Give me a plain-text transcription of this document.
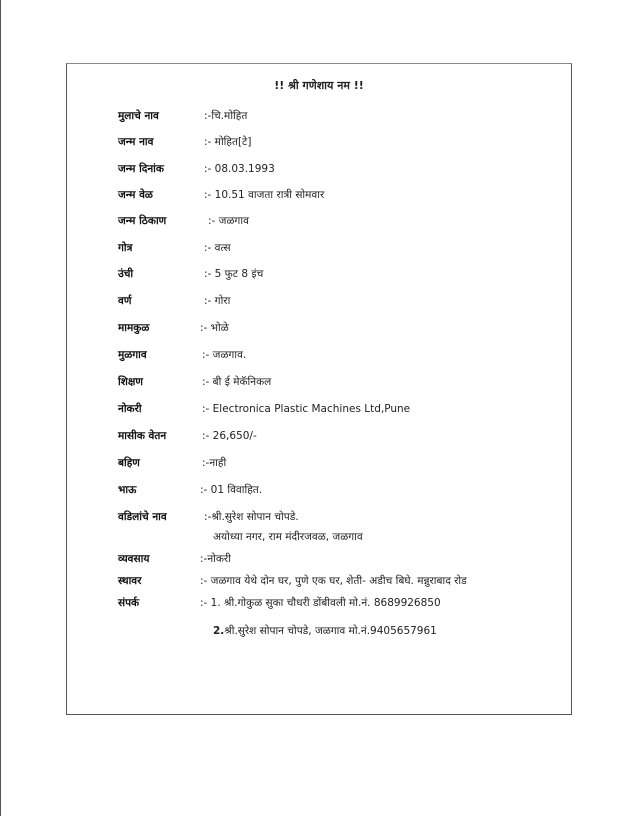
!! श्री गणेशाय नम !!
मुलाचे नाव	:-चि.मोहित
जन्म नाव	:- मोहित[टे]
जन्म दिनांक	:- 08.03.1993
जन्म वेळ	:- 10.51 वाजता रात्री सोमवार
जन्म ठिकाण	:- जळगाव
गोत्र	:- वत्स
उंची	:- 5 फुट 8 इंच
वर्ण	:- गोरा
मामकुळ	:- भोळे
मुळगाव	:- जळगाव.
शिक्षण	:- बी ई मेकॅनिकल
नोकरी	:- Electronica Plastic Machines Ltd,Pune
मासीक वेतन	:- 26,650/-
बहिण	:-नाही
भाऊ	:- 01 विवाहित.
वडिलांचे नाव	:-श्री.सुरेश सोपान चोपडे.
अयोध्या नगर, राम मंदीरजवळ, जळगाव
व्यवसाय	:-नोकरी
स्थावर	:- जळगाव येथे दोन घर, पुणे एक घर, शेती- अडीच बिघे. मन्नुराबाद रोड
संपर्क	:- 1. श्री.गोकुळ सुका चौधरी डोंबीवली मो.नं. 8689926850
2.श्री.सुरेश सोपान चोपडे, जळगाव मो.नं.9405657961
